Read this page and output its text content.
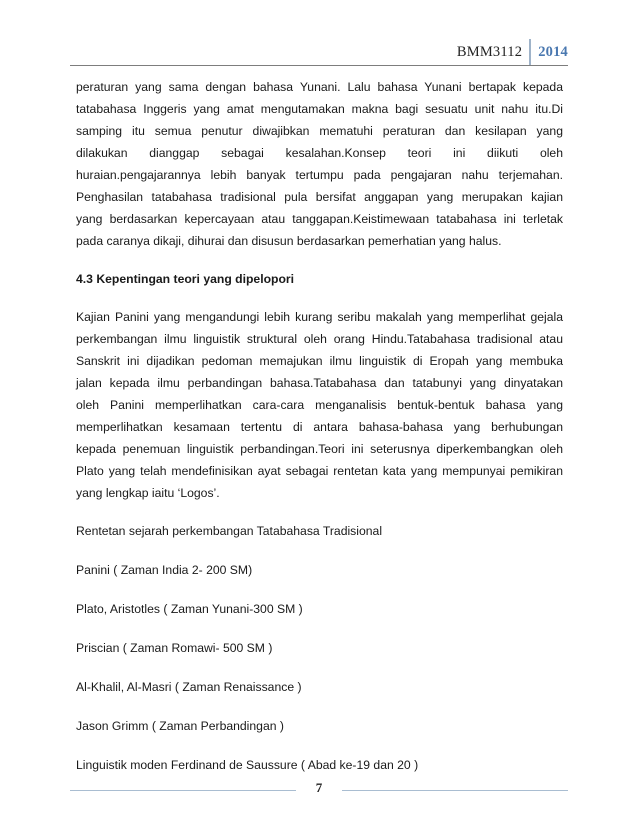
BMM3112	2014
peraturan yang sama dengan bahasa Yunani. Lalu bahasa Yunani bertapak kepada
tatabahasa Inggeris yang amat mengutamakan makna bagi sesuatu unit nahu itu.Di
samping itu semua penutur diwajibkan mematuhi peraturan dan kesilapan yang
dilakukan dianggap sebagai kesalahan.Konsep teori ini diikuti oleh
huraian.pengajarannya lebih banyak tertumpu pada pengajaran nahu terjemahan.
Penghasilan tatabahasa tradisional pula bersifat anggapan yang merupakan kajian
yang berdasarkan kepercayaan atau tanggapan.Keistimewaan tatabahasa ini terletak
pada caranya dikaji, dihurai dan disusun berdasarkan pemerhatian yang halus.
4.3 Kepentingan teori yang dipelopori
Kajian Panini yang mengandungi lebih kurang seribu makalah yang memperlihat gejala
perkembangan ilmu linguistik struktural oleh orang Hindu.Tatabahasa tradisional atau
Sanskrit ini dijadikan pedoman memajukan ilmu linguistik di Eropah yang membuka
jalan kepada ilmu perbandingan bahasa.Tatabahasa dan tatabunyi yang dinyatakan
oleh Panini memperlihatkan cara-cara menganalisis bentuk-bentuk bahasa yang
memperlihatkan kesamaan tertentu di antara bahasa-bahasa yang berhubungan
kepada penemuan linguistik perbandingan.Teori ini seterusnya diperkembangkan oleh
Plato yang telah mendefinisikan ayat sebagai rentetan kata yang mempunyai pemikiran
yang lengkap iaitu ‘Logos’.
Rentetan sejarah perkembangan Tatabahasa Tradisional
Panini ( Zaman India 2- 200 SM)
Plato, Aristotles ( Zaman Yunani-300 SM )
Priscian ( Zaman Romawi- 500 SM )
Al-Khalil, Al-Masri ( Zaman Renaissance )
Jason Grimm ( Zaman Perbandingan )
Linguistik moden Ferdinand de Saussure ( Abad ke-19 dan 20 )
7
